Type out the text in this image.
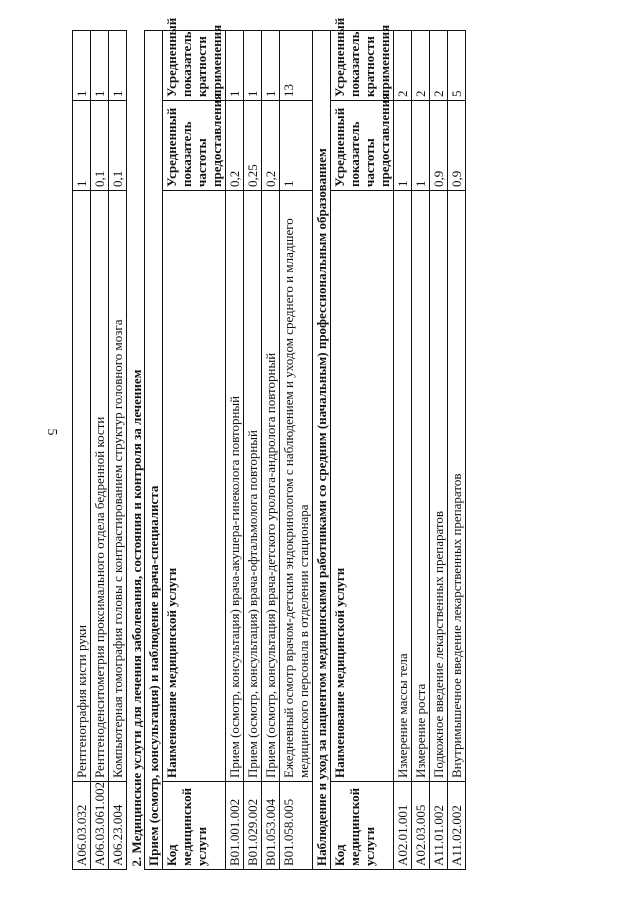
5
A06.03.032	Рентгенография кисти руки	1	1
A06.03.061.002	Рентгеноденситометрия проксимального отдела бедренной кости	0,1	1
A06.23.004	Компьютерная томография головы с контрастированием структур головного мозга	0,1	1
2. Медицинские услуги для лечения заболевания, состояния и контроля за лечением			
Прием (осмотр, консультация) и наблюдение врача-специалиста			
Код медицинской услуги	Наименование медицинской услуги	Усредненный показатель частоты предоставления	Усредненный показатель кратности применения
B01.001.002	Прием (осмотр, консультация) врача-акушера-гинеколога повторный	0,2	1
B01.029.002	Прием (осмотр, консультация) врача-офтальмолога повторный	0,25	1
B01.053.004	Прием (осмотр, консультация) врача-детского уролога-андролога повторный	0,2	1
B01.058.005	Ежедневный осмотр врачом-детским эндокринологом с наблюдением и уходом среднего и младшего медицинского персонала в отделении стационара	1	13
Наблюдение и уход за пациентом медицинскими работниками со средним (начальным) профессиональным образованием			
Код медицинской услуги	Наименование медицинской услуги	Усредненный показатель частоты предоставления	Усредненный показатель кратности применения
A02.01.001	Измерение массы тела	1	2
A02.03.005	Измерение роста	1	2
A11.01.002	Подкожное введение лекарственных препаратов	0,9	2
A11.02.002	Внутримышечное введение лекарственных препаратов	0,9	5
